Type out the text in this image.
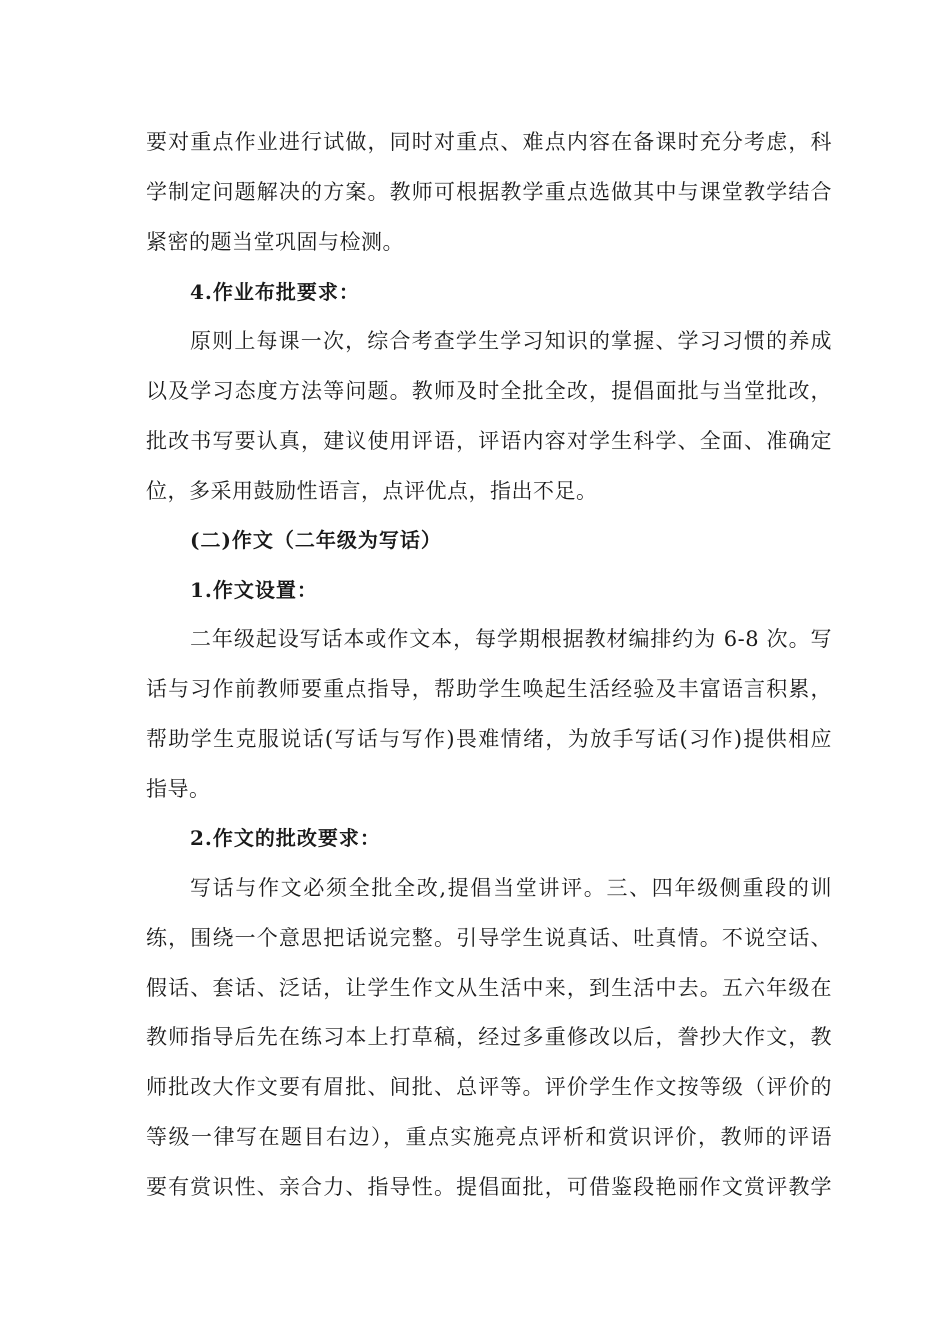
要对重点作业进行试做，同时对重点、难点内容在备课时充分考虑，科
学制定问题解决的方案。教师可根据教学重点选做其中与课堂教学结合
紧密的题当堂巩固与检测。
4.作业布批要求：
原则上每课一次，综合考查学生学习知识的掌握、学习习惯的养成
以及学习态度方法等问题。教师及时全批全改，提倡面批与当堂批改，
批改书写要认真，建议使用评语，评语内容对学生科学、全面、准确定
位，多采用鼓励性语言，点评优点，指出不足。
(二)作文（二年级为写话）
1.作文设置：
二年级起设写话本或作文本，每学期根据教材编排约为 6-8 次。写
话与习作前教师要重点指导，帮助学生唤起生活经验及丰富语言积累，
帮助学生克服说话(写话与写作)畏难情绪，为放手写话(习作)提供相应
指导。
2.作文的批改要求：
写话与作文必须全批全改,提倡当堂讲评。三、四年级侧重段的训
练，围绕一个意思把话说完整。引导学生说真话、吐真情。不说空话、
假话、套话、泛话，让学生作文从生活中来，到生活中去。五六年级在
教师指导后先在练习本上打草稿，经过多重修改以后，誊抄大作文，教
师批改大作文要有眉批、间批、总评等。评价学生作文按等级（评价的
等级一律写在题目右边），重点实施亮点评析和赏识评价，教师的评语
要有赏识性、亲合力、指导性。提倡面批，可借鉴段艳丽作文赏评教学
